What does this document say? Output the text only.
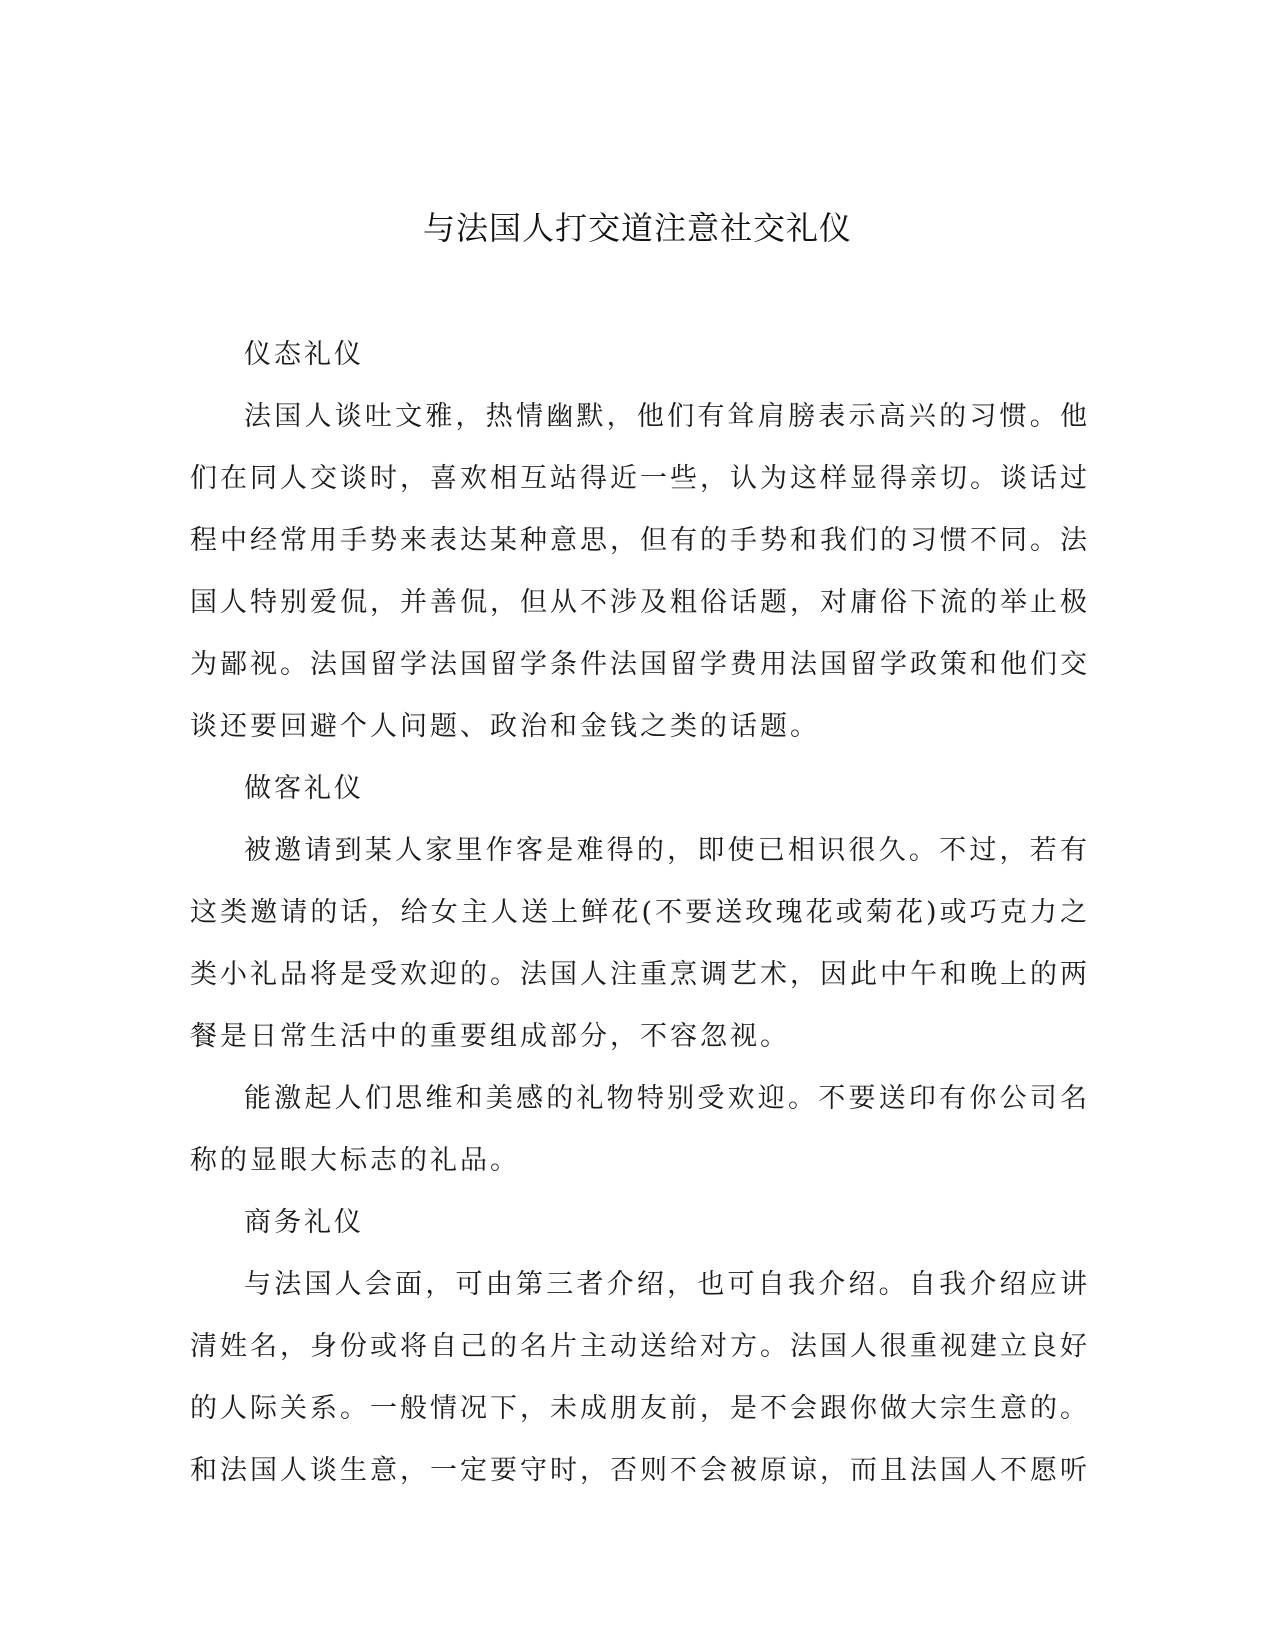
与法国人打交道注意社交礼仪

仪态礼仪

法国人谈吐文雅，热情幽默，他们有耸肩膀表示高兴的习惯。他们在同人交谈时，喜欢相互站得近一些，认为这样显得亲切。谈话过程中经常用手势来表达某种意思，但有的手势和我们的习惯不同。法国人特别爱侃，并善侃，但从不涉及粗俗话题，对庸俗下流的举止极为鄙视。法国留学法国留学条件法国留学费用法国留学政策和他们交谈还要回避个人问题、政治和金钱之类的话题。

做客礼仪

被邀请到某人家里作客是难得的，即使已相识很久。不过，若有这类邀请的话，给女主人送上鲜花(不要送玫瑰花或菊花)或巧克力之类小礼品将是受欢迎的。法国人注重烹调艺术，因此中午和晚上的两餐是日常生活中的重要组成部分，不容忽视。

能激起人们思维和美感的礼物特别受欢迎。不要送印有你公司名称的显眼大标志的礼品。

商务礼仪

与法国人会面，可由第三者介绍，也可自我介绍。自我介绍应讲清姓名，身份或将自己的名片主动送给对方。法国人很重视建立良好的人际关系。一般情况下，未成朋友前，是不会跟你做大宗生意的。和法国人谈生意，一定要守时，否则不会被原谅，而且法国人不愿听
